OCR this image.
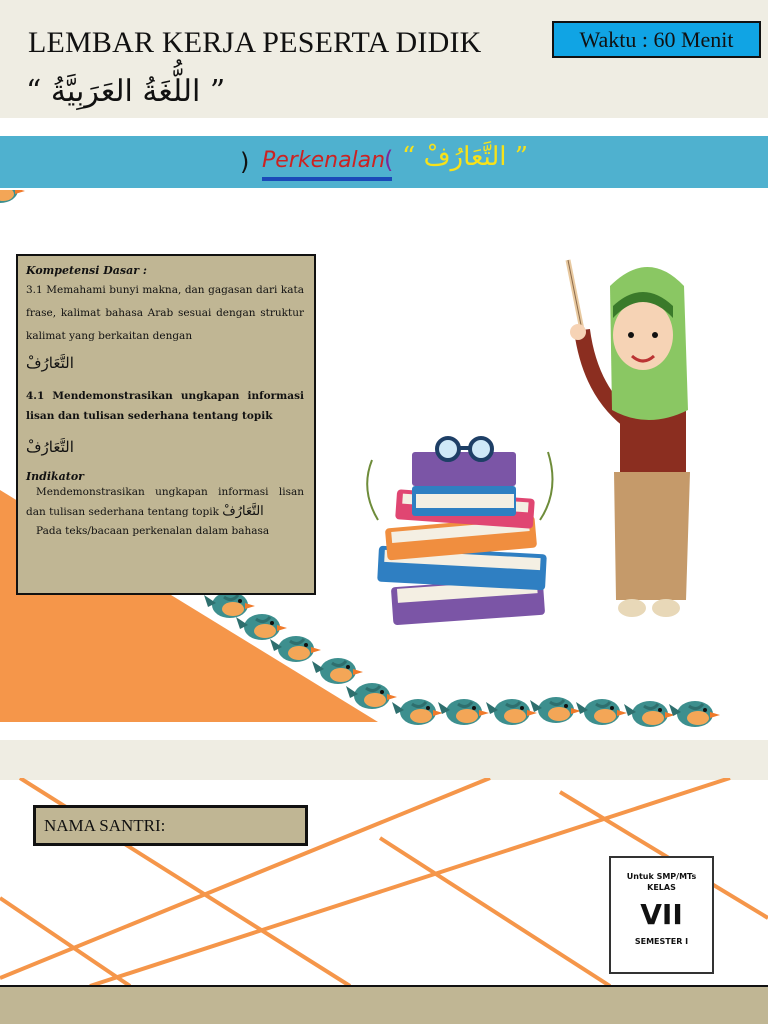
LEMBAR KERJA PESERTA DIDIK
“ اللُّغَةُ العَرَبِيَّةُ ”
Waktu : 60 Menit
) Perkenalan
( “ التَّعَارُفْ ”
Kompetensi Dasar :

3.1 Memahami bunyi makna, dan gagasan dari kata frase, kalimat bahasa Arab sesuai dengan struktur kalimat yang berkaitan dengan

التَّعَارُفْ

4.1 Mendemonstrasikan ungkapan informasi lisan dan tulisan sederhana tentang topik

التَّعَارُفْ

Indikator

Mendemonstrasikan ungkapan informasi lisan dan tulisan sederhana tentang topik التَّعَارُفْ

Pada teks/bacaan perkenalan dalam bahasa

NAMA SANTRI:
Untuk SMP/MTs
KELAS
VII
SEMESTER I
